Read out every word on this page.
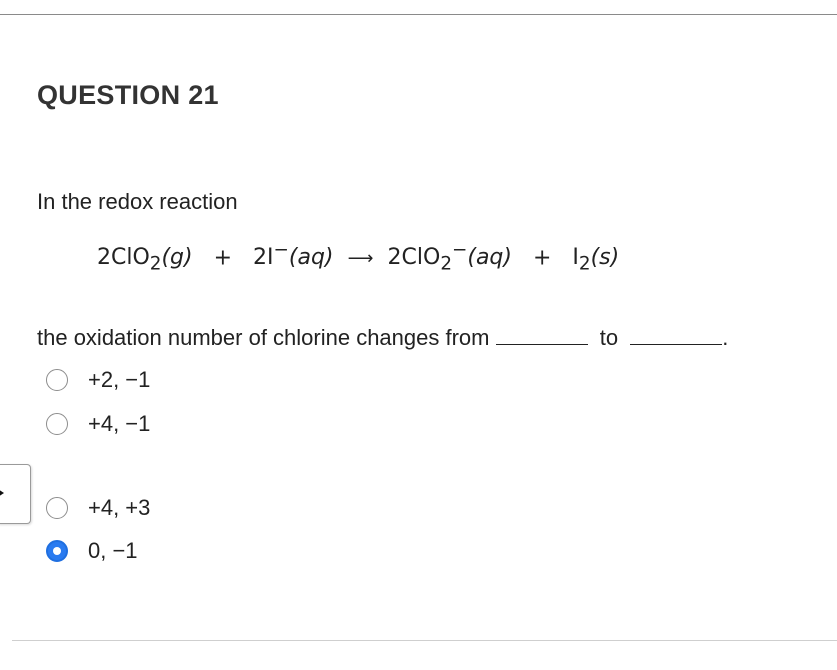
QUESTION 21
In the redox reaction
2ClO$_2$(g) + 2I−(aq) ⟶ $2ClO_2^-(aq) + I_2(s)$
the oxidation number of chlorine changes from	to	.
+2, −1
+4, −1
+4, +3
0, −1
